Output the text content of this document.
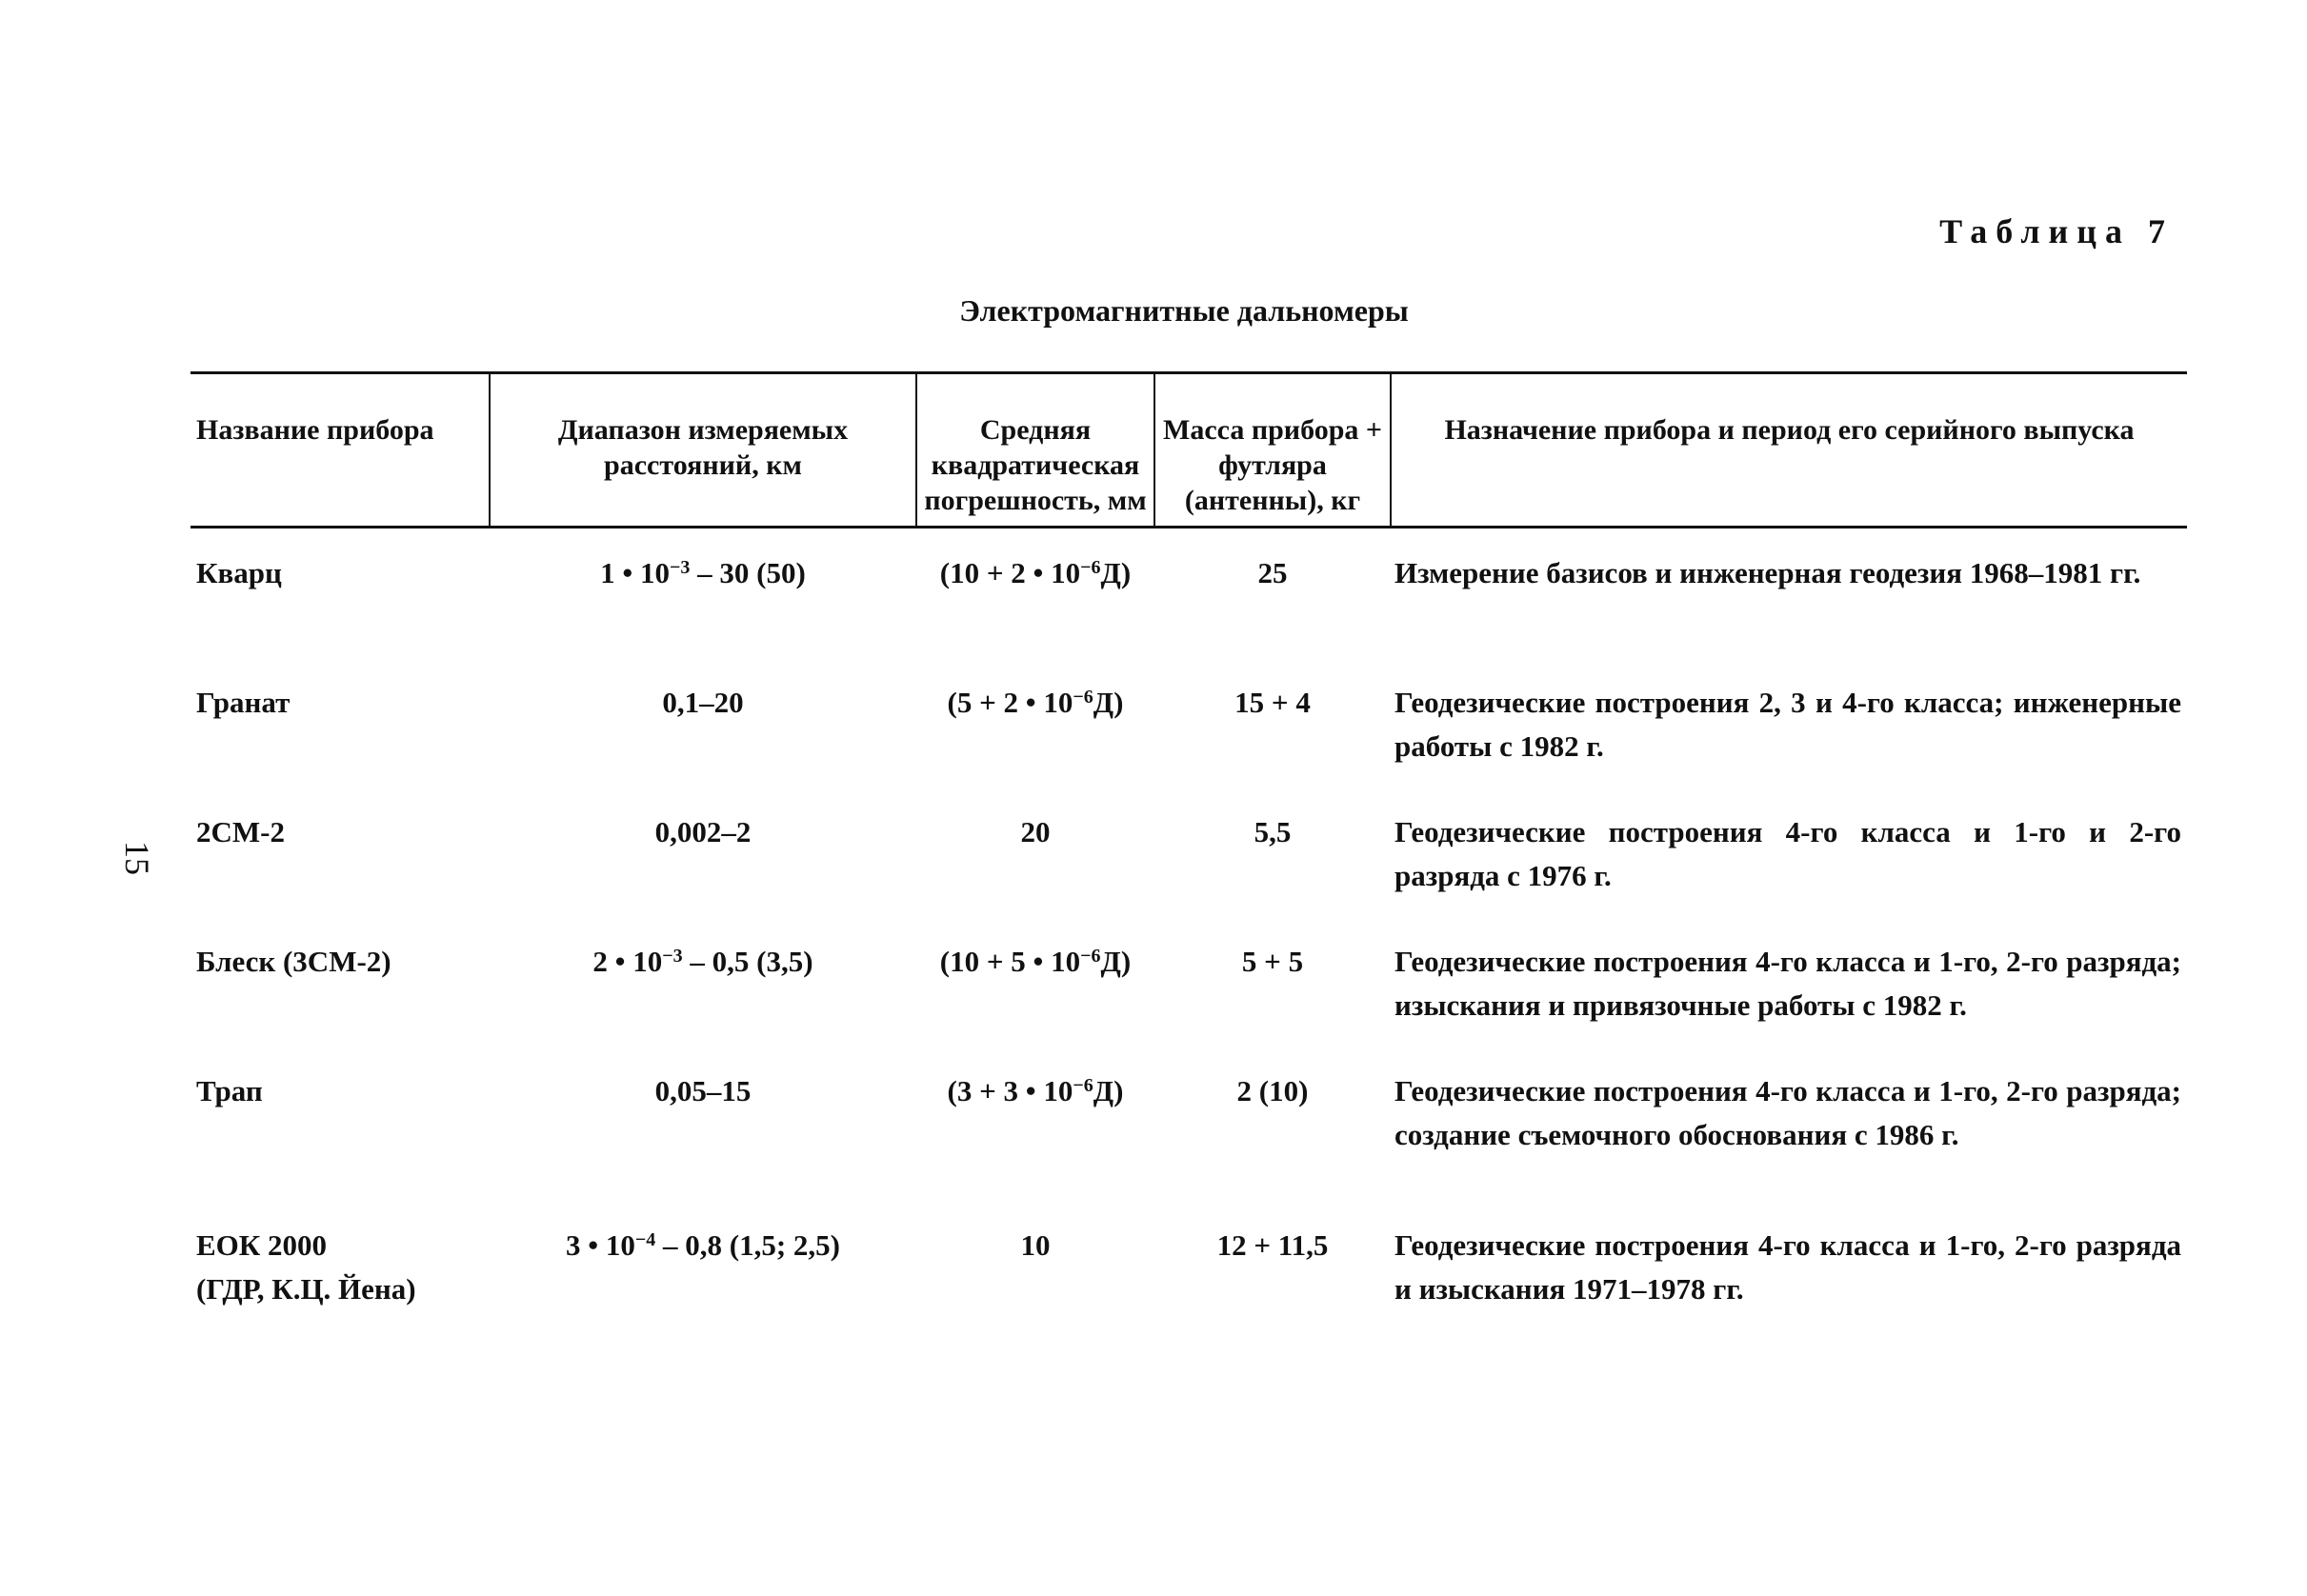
Таблица 7
Электромагнитные дальномеры
15
Название прибора	Диапазон измеряемых расстояний, км	Средняя квадратическая погрешность, мм	Масса прибора + футляра (антенны), кг	Назначение прибора и период его серийного выпуска
Кварц	1 • $10^{-3} - 30$ (50)	(10 + 2 • $10^{-6}Д$)	25	Измерение базисов и инженерная геодезия 1968–1981 гг.
Гранат	0,1–20	(5 + 2 • $10^{-6}Д$)	15 + 4	Геодезические построения 2, 3 и 4-го класса; инженерные работы с 1982 г.
2СМ-2	0,002–2	20	5,5	Геодезические построения 4-го класса и 1-го и 2-го разряда с 1976 г.
Блеск (3СМ-2)	2 • $10^{-3} - 0,5$ (3,5)	(10 + 5 • $10^{-6}Д$)	5 + 5	Геодезические построения 4-го класса и 1-го, 2-го разряда; изыскания и привязочные работы с 1982 г.
Трап	0,05–15	(3 + 3 • $10^{-6}Д$)	2 (10)	Геодезические построения 4-го класса и 1-го, 2-го разряда; создание съемочного обоснования с 1986 г.

ЕОК 2000
(ГДР, К.Ц. Йена)	3 • $10^{-4} - 0,8$ (1,5; 2,5)	10	12 + 11,5	Геодезические построения 4-го класса и 1-го, 2-го разряда и изыскания 1971–1978 гг.
